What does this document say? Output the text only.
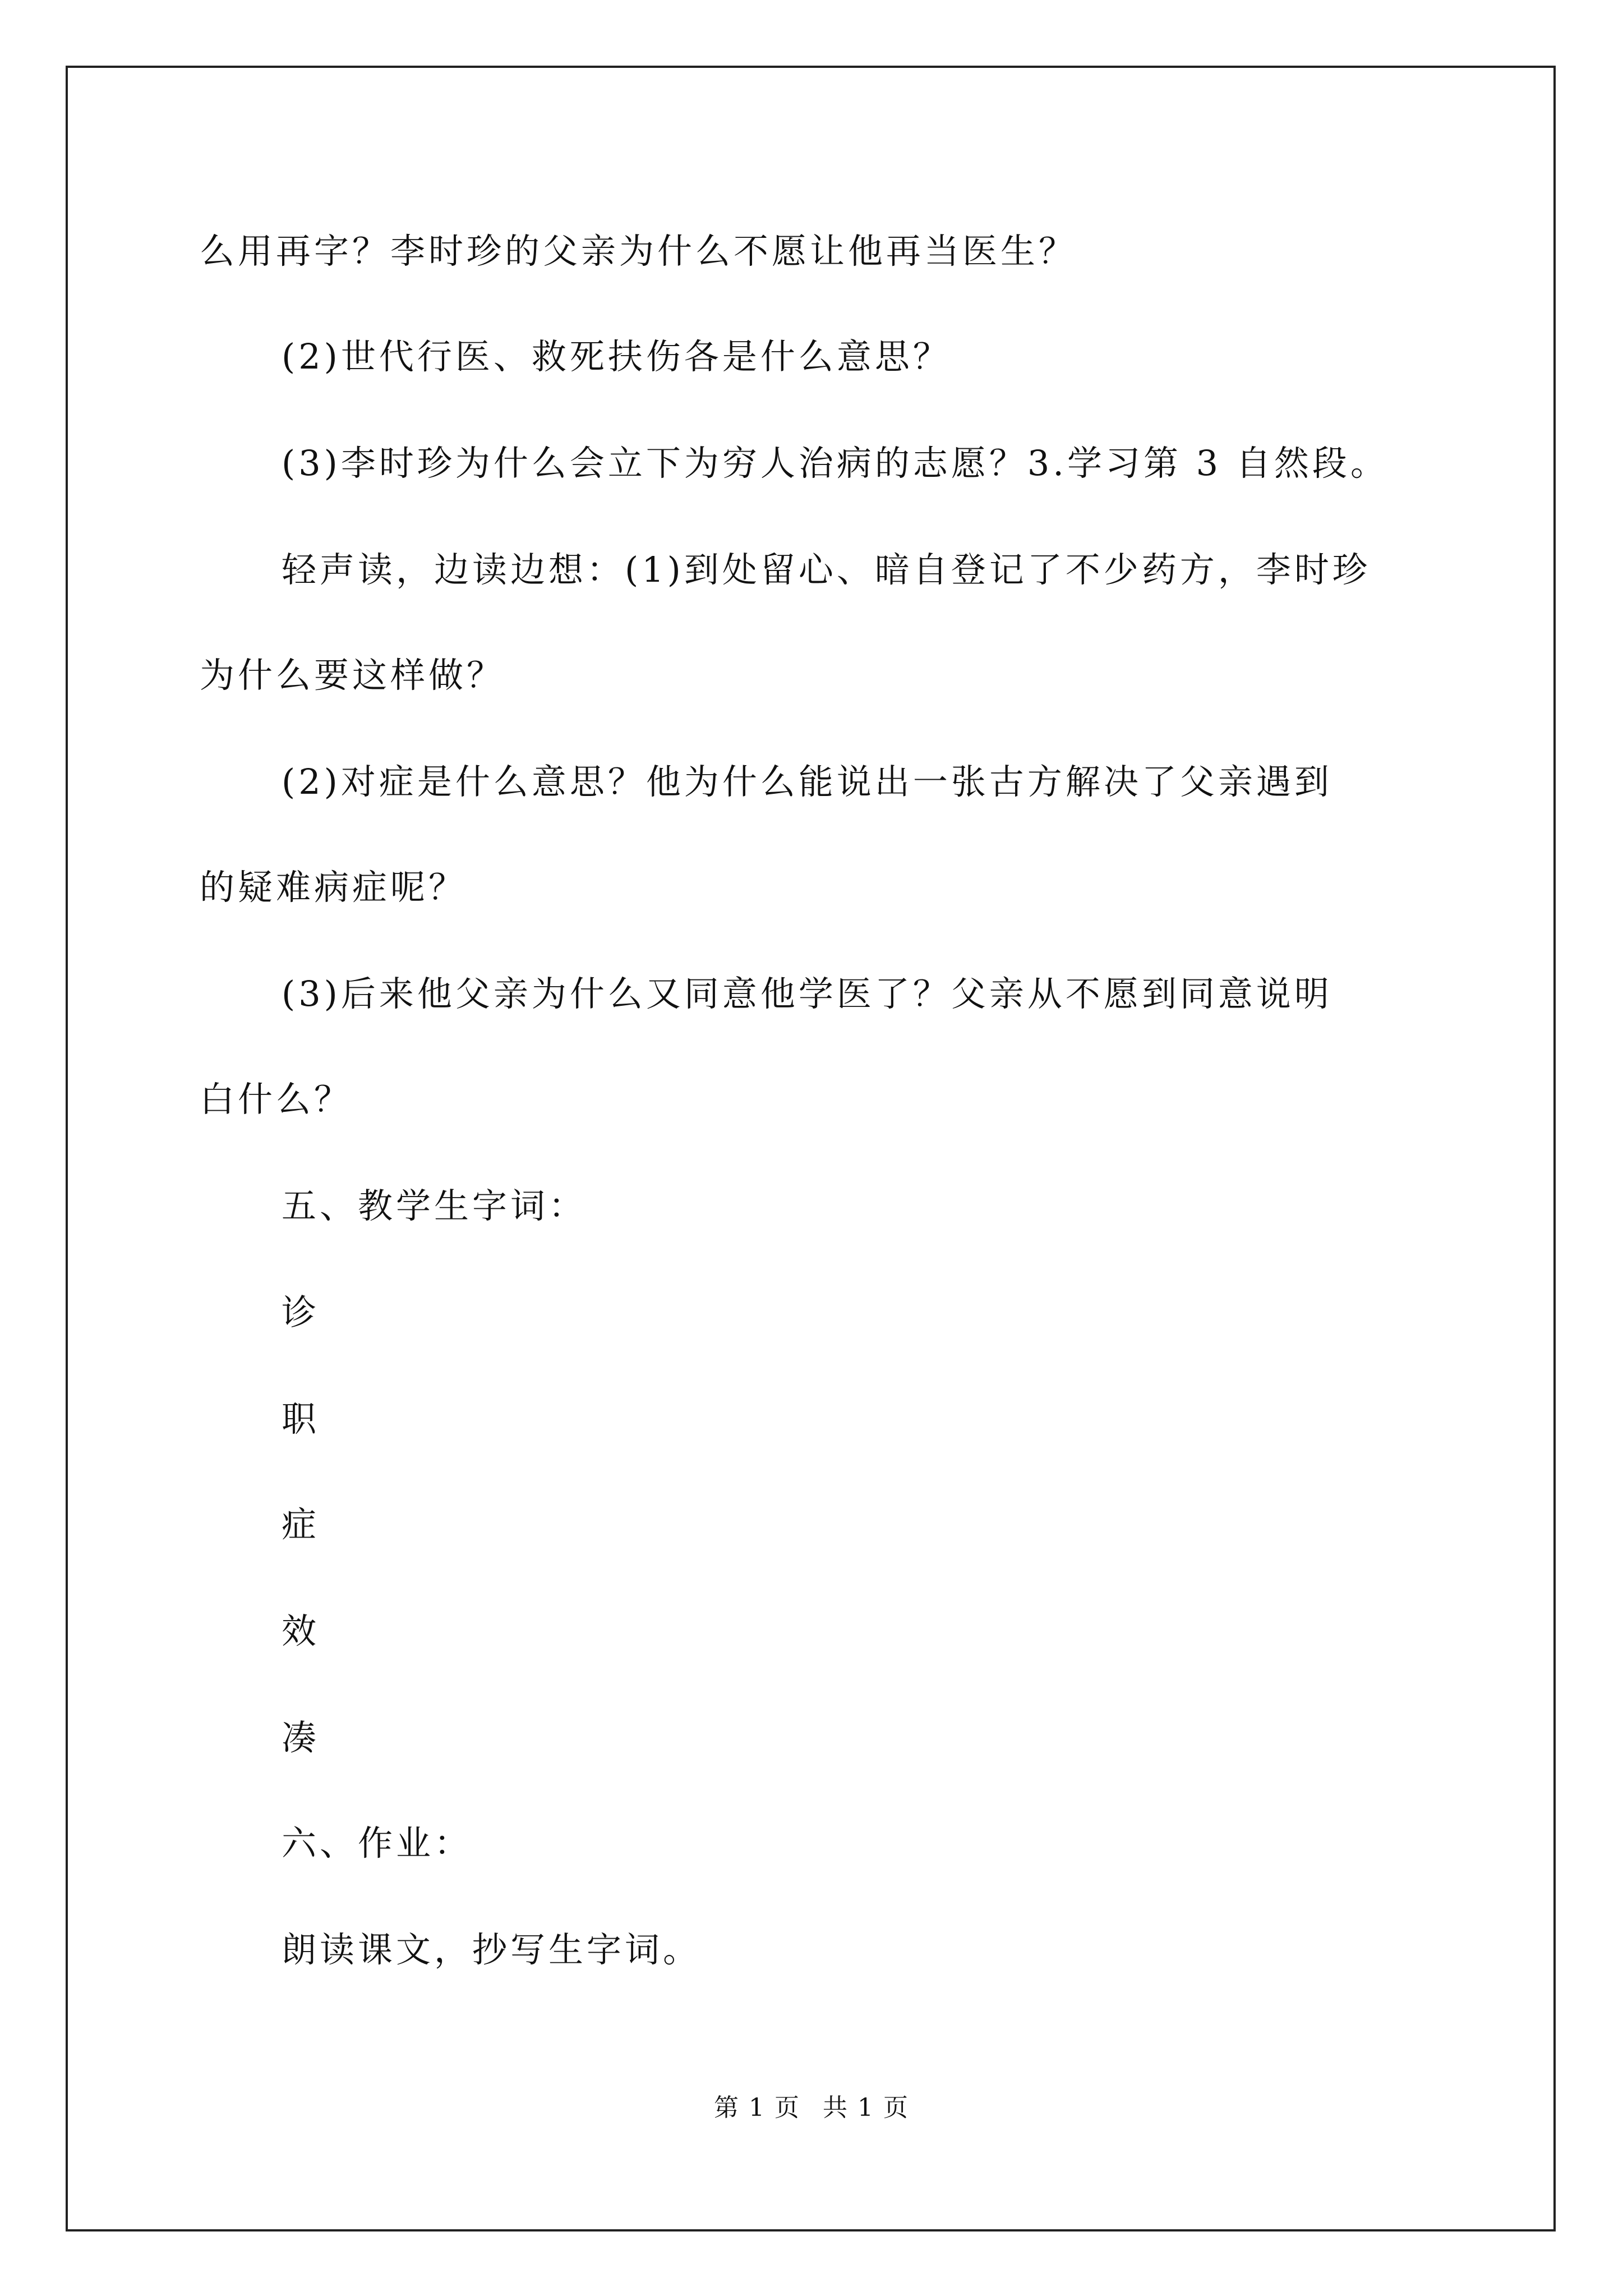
么用再字？李时珍的父亲为什么不愿让他再当医生？
(2)世代行医、救死扶伤各是什么意思？
(3)李时珍为什么会立下为穷人治病的志愿？3.学习第 3 自然段。
轻声读，边读边想：(1)到处留心、暗自登记了不少药方，李时珍
为什么要这样做？
(2)对症是什么意思？他为什么能说出一张古方解决了父亲遇到
的疑难病症呢？
(3)后来他父亲为什么又同意他学医了？父亲从不愿到同意说明
白什么？
五、教学生字词：
诊
职
症
效
凑
六、作业：
朗读课文，抄写生字词。
第 1 页 共 1 页
